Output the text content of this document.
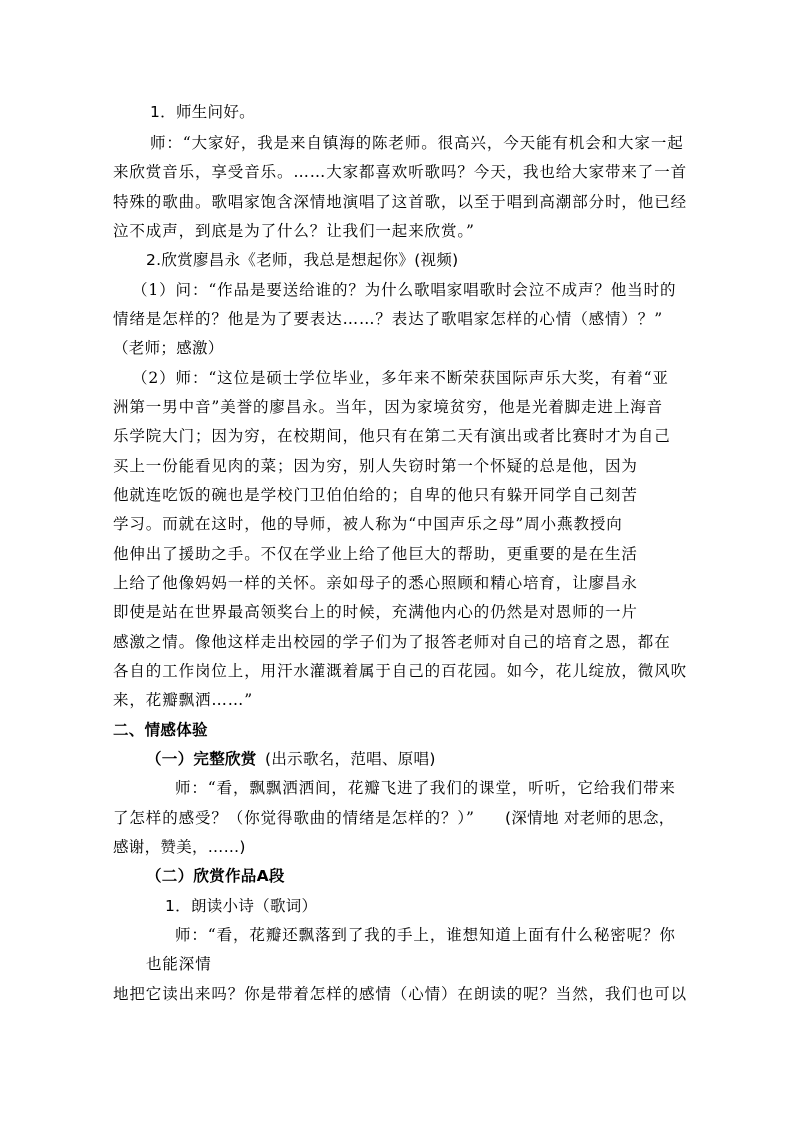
1．师生问好。
师：“大家好，我是来自镇海的陈老师。很高兴，今天能有机会和大家一起
来欣赏音乐，享受音乐。……大家都喜欢听歌吗？今天，我也给大家带来了一首
特殊的歌曲。歌唱家饱含深情地演唱了这首歌，以至于唱到高潮部分时，他已经
泣不成声，到底是为了什么？让我们一起来欣赏。”
2.欣赏廖昌永《老师，我总是想起你》(视频)
（1）问：“作品是要送给谁的？为什么歌唱家唱歌时会泣不成声？他当时的
情绪是怎样的？他是为了要表达……？表达了歌唱家怎样的心情（感情）？”
（老师；感激）
（2）师：“这位是硕士学位毕业，多年来不断荣获国际声乐大奖，有着“亚
洲第一男中音”美誉的廖昌永。当年，因为家境贫穷，他是光着脚走进上海音
乐学院大门；因为穷，在校期间，他只有在第二天有演出或者比赛时才为自己
买上一份能看见肉的菜；因为穷，别人失窃时第一个怀疑的总是他，因为
他就连吃饭的碗也是学校门卫伯伯给的；自卑的他只有躲开同学自己刻苦
学习。而就在这时，他的导师，被人称为“中国声乐之母”周小燕教授向
他伸出了援助之手。不仅在学业上给了他巨大的帮助，更重要的是在生活
上给了他像妈妈一样的关怀。亲如母子的悉心照顾和精心培育，让廖昌永
即使是站在世界最高领奖台上的时候，充满他内心的仍然是对恩师的一片
感激之情。像他这样走出校园的学子们为了报答老师对自己的培育之恩，都在
各自的工作岗位上，用汗水灌溉着属于自己的百花园。如今，花儿绽放，微风吹
来，花瓣飘洒……”
二、情感体验
（一）完整欣赏 (出示歌名，范唱、原唱)
师：“看，飘飘洒洒间，花瓣飞进了我们的课堂，听听，它给我们带来
了怎样的感受？（你觉得歌曲的情绪是怎样的？）” (深情地 对老师的思念，
感谢，赞美，……)
（二）欣赏作品A段
1．朗读小诗（歌词）
师：“看，花瓣还飘落到了我的手上，谁想知道上面有什么秘密呢？你
也能深情
地把它读出来吗？你是带着怎样的感情（心情）在朗读的呢？当然，我们也可以
